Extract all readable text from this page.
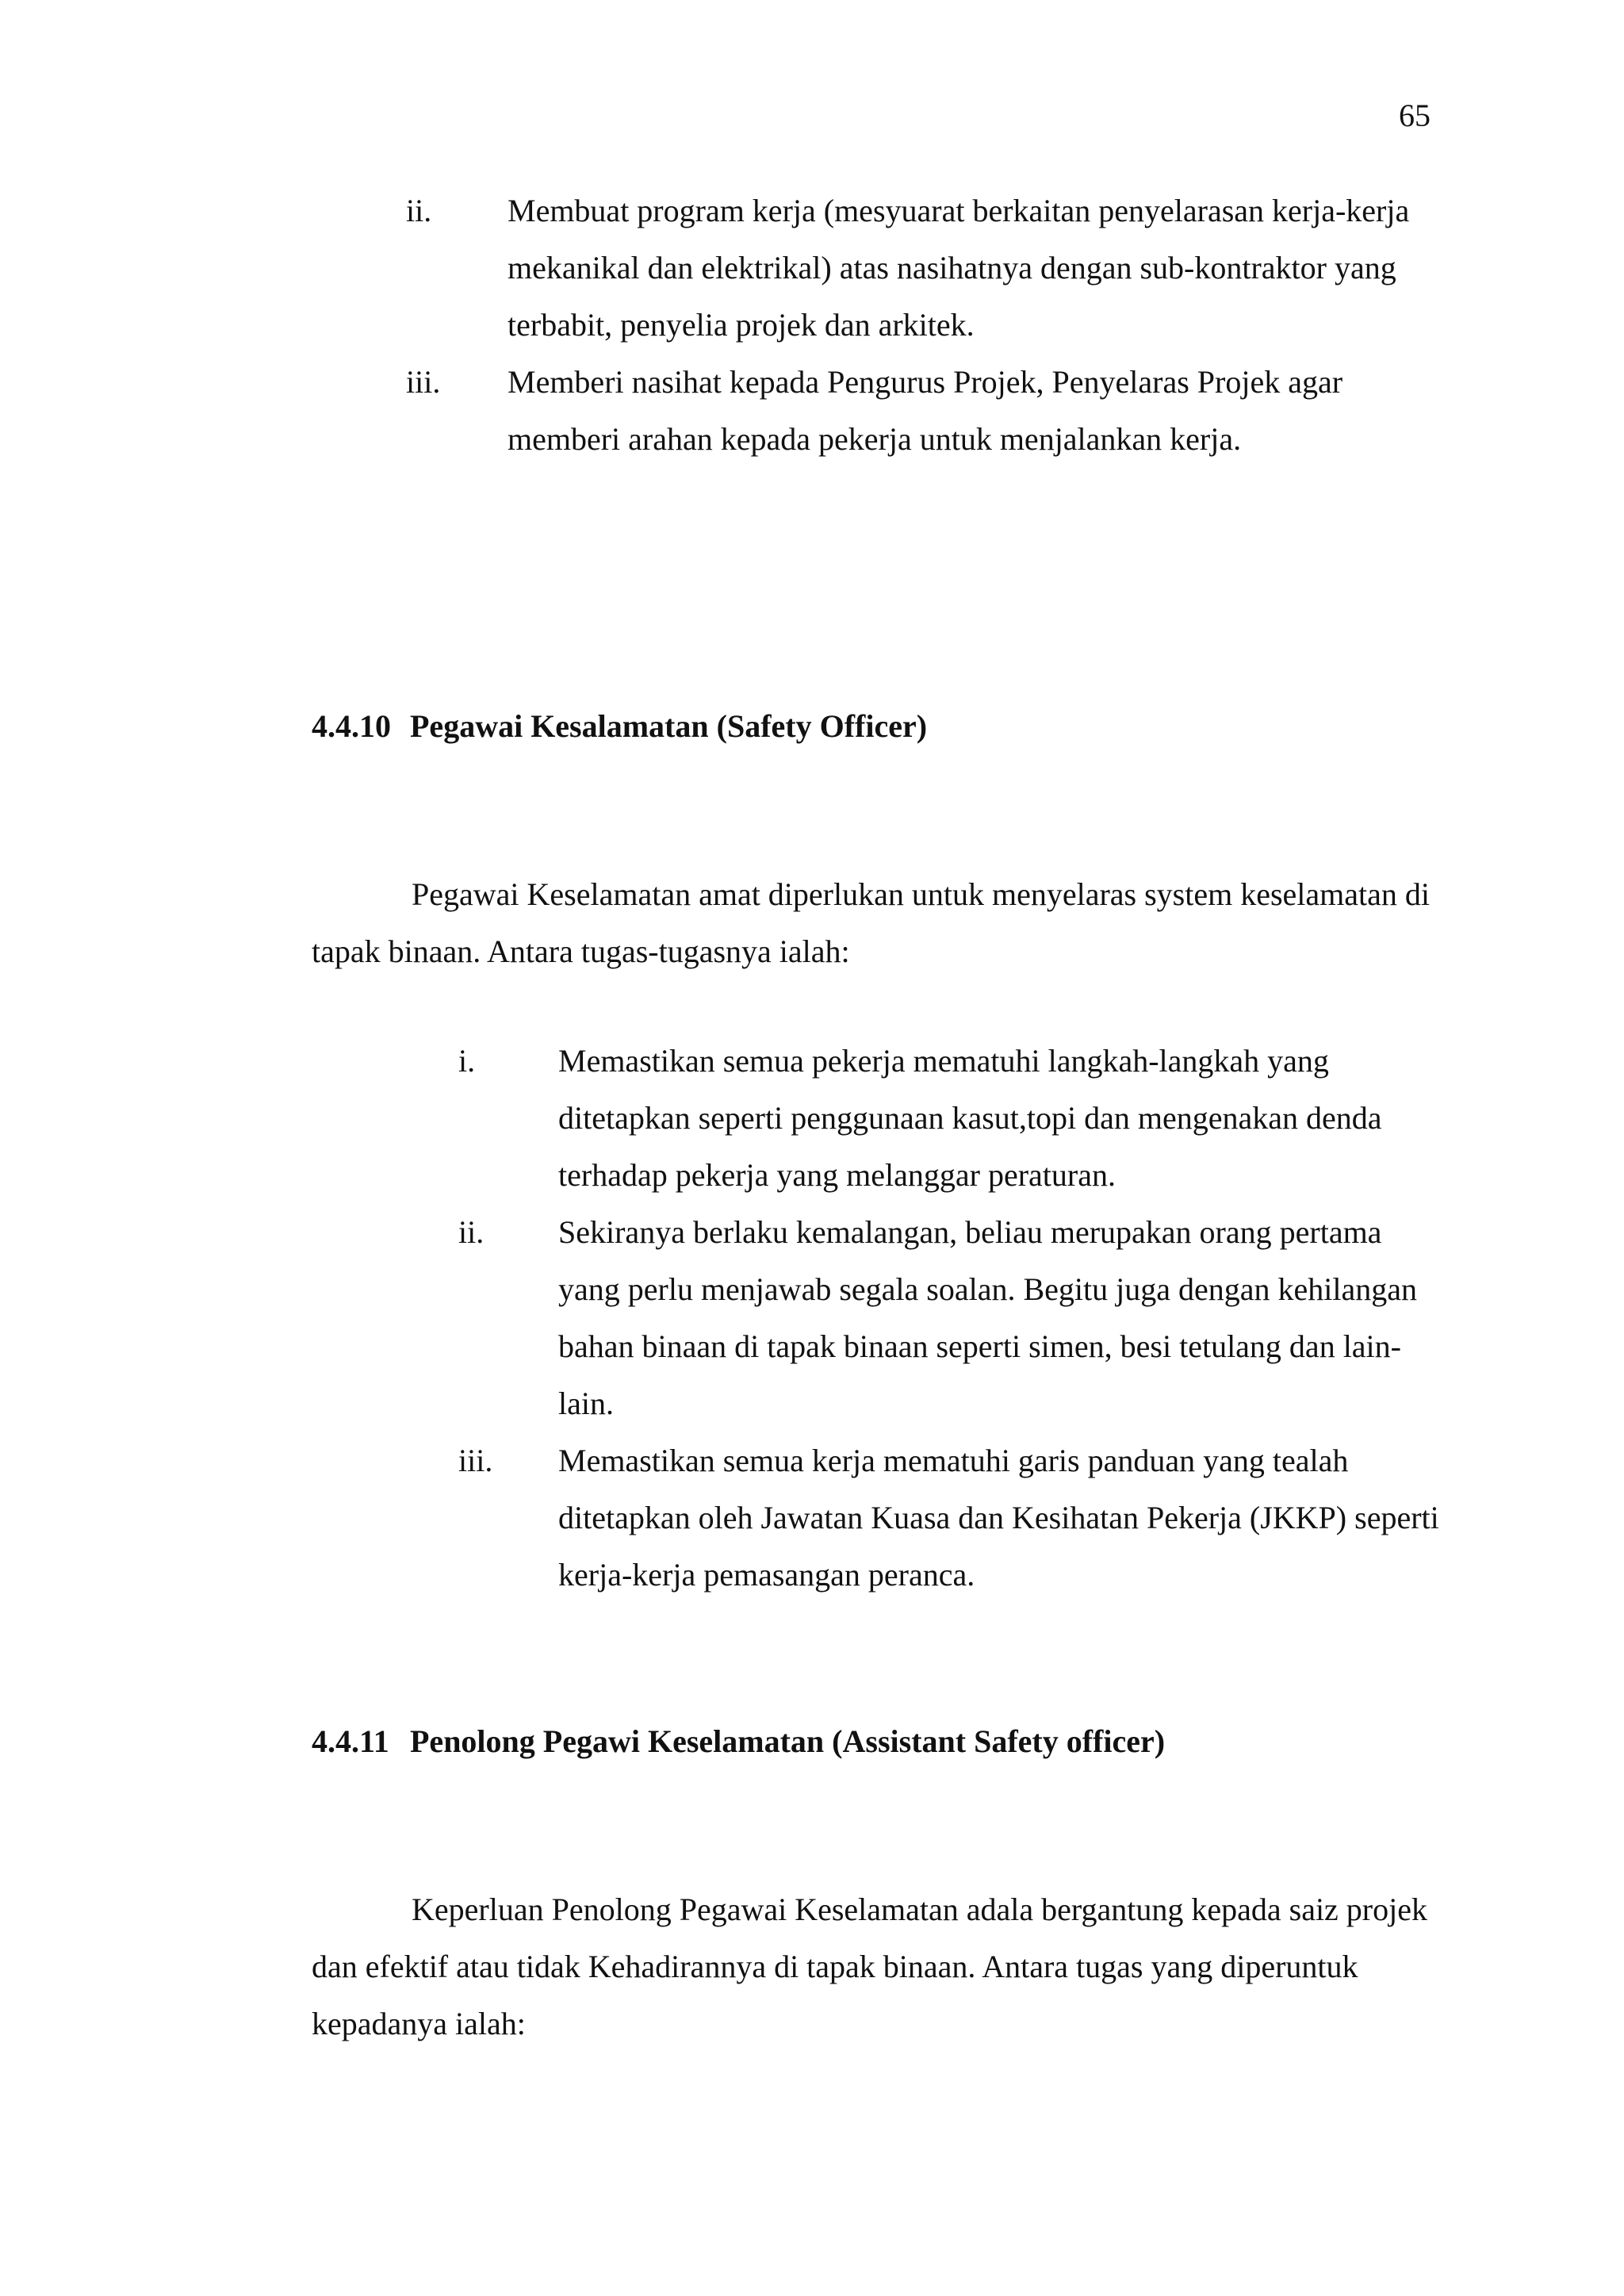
65
ii. Membuat program kerja (mesyuarat berkaitan penyelarasan kerja-kerja mekanikal dan elektrikal) atas nasihatnya dengan sub-kontraktor yang terbabit, penyelia projek dan arkitek.
iii. Memberi nasihat kepada Pengurus Projek, Penyelaras Projek agar memberi arahan kepada pekerja untuk menjalankan kerja.
4.4.10 Pegawai Kesalamatan (Safety Officer)

Pegawai Keselamatan amat diperlukan untuk menyelaras system keselamatan di tapak binaan. Antara tugas-tugasnya ialah:

i.	Memastikan semua pekerja mematuhi langkah-langkah yang ditetapkan seperti penggunaan kasut,topi dan mengenakan denda terhadap pekerja yang melanggar peraturan.
ii. Sekiranya berlaku kemalangan, beliau merupakan orang pertama yang perlu menjawab segala soalan. Begitu juga dengan kehilangan bahan binaan di tapak binaan seperti simen, besi tetulang dan lain-lain.
iii. Memastikan semua kerja mematuhi garis panduan yang tealah ditetapkan oleh Jawatan Kuasa dan Kesihatan Pekerja (JKKP) seperti kerja-kerja pemasangan peranca.
4.4.11 Penolong Pegawi Keselamatan (Assistant Safety officer)

Keperluan Penolong Pegawai Keselamatan adala bergantung kepada saiz projek dan efektif atau tidak Kehadirannya di tapak binaan. Antara tugas yang diperuntuk kepadanya ialah:
